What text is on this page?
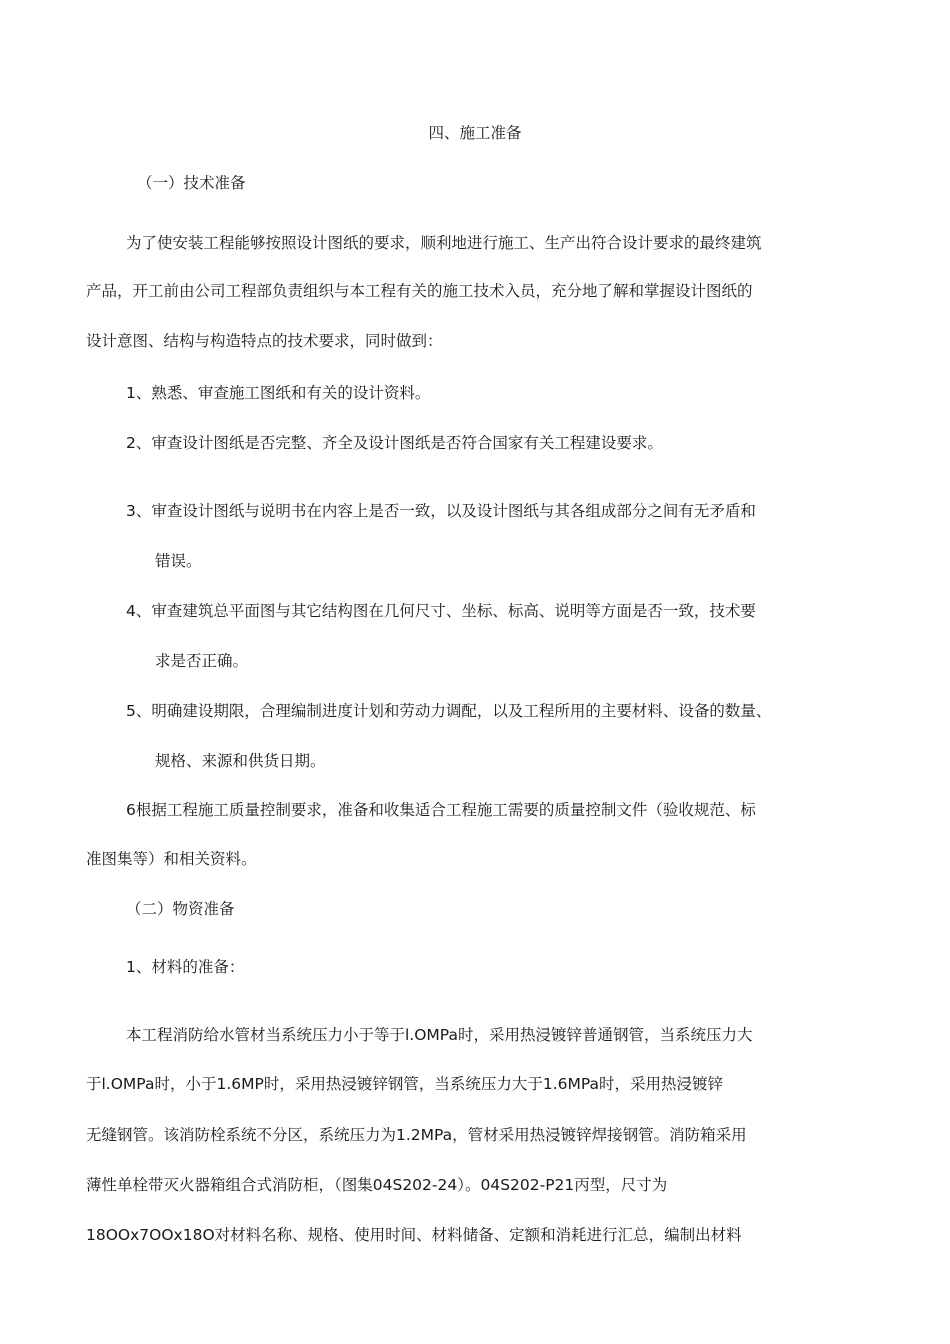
四、施工准备

（一）技术准备

为了使安装工程能够按照设计图纸的要求，顺利地进行施工、生产出符合设计要求的最终建筑

产品，开工前由公司工程部负责组织与本工程有关的施工技术入员，充分地了解和掌握设计图纸的

设计意图、结构与构造特点的技术要求，同时做到：

1、熟悉、审查施工图纸和有关的设计资料。

2、审查设计图纸是否完整、齐全及设计图纸是否符合国家有关工程建设要求。

3、审查设计图纸与说明书在内容上是否一致，以及设计图纸与其各组成部分之间有无矛盾和

错误。

4、审查建筑总平面图与其它结构图在几何尺寸、坐标、标高、说明等方面是否一致，技术要

求是否正确。

5、明确建设期限，合理编制进度计划和劳动力调配，以及工程所用的主要材料、设备的数量、

规格、来源和供货日期。

6根据工程施工质量控制要求，准备和收集适合工程施工需要的质量控制文件（验收规范、标

准图集等）和相关资料。

（二）物资准备

1、材料的准备：

本工程消防给水管材当系统压力小于等于l.OMPa时，采用热浸镀锌普通钢管，当系统压力大

于l.OMPa时，小于1.6MP时，采用热浸镀锌钢管，当系统压力大于1.6MPa时，采用热浸镀锌

无缝钢管。该消防栓系统不分区，系统压力为1.2MPa，管材采用热浸镀锌焊接钢管。消防箱采用

薄性单栓带灭火器箱组合式消防柜，（图集04S202-24）。04S202-P21丙型，尺寸为

18OOx7OOx18O对材料名称、规格、使用时间、材料储备、定额和消耗进行汇总，编制出材料
